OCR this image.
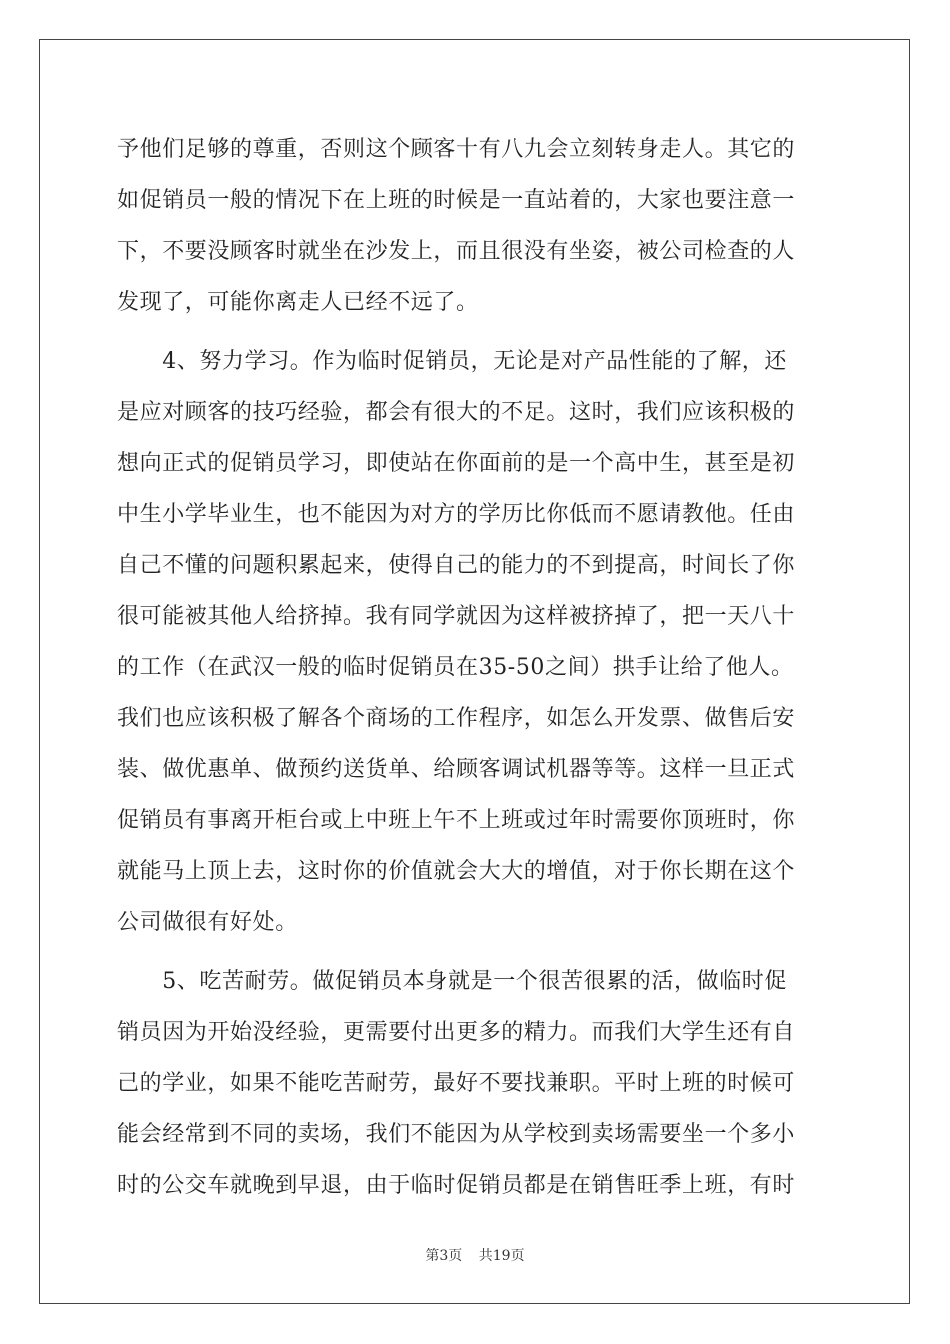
予他们足够的尊重，否则这个顾客十有八九会立刻转身走人。其它的
如促销员一般的情况下在上班的时候是一直站着的，大家也要注意一
下，不要没顾客时就坐在沙发上，而且很没有坐姿，被公司检查的人
发现了，可能你离走人已经不远了。
　　4、努力学习。作为临时促销员，无论是对产品性能的了解，还
是应对顾客的技巧经验，都会有很大的不足。这时，我们应该积极的
想向正式的促销员学习，即使站在你面前的是一个高中生，甚至是初
中生小学毕业生，也不能因为对方的学历比你低而不愿请教他。任由
自己不懂的问题积累起来，使得自己的能力的不到提高，时间长了你
很可能被其他人给挤掉。我有同学就因为这样被挤掉了，把一天八十
的工作（在武汉一般的临时促销员在35-50之间）拱手让给了他人。
我们也应该积极了解各个商场的工作程序，如怎么开发票、做售后安
装、做优惠单、做预约送货单、给顾客调试机器等等。这样一旦正式
促销员有事离开柜台或上中班上午不上班或过年时需要你顶班时，你
就能马上顶上去，这时你的价值就会大大的增值，对于你长期在这个
公司做很有好处。
　　5、吃苦耐劳。做促销员本身就是一个很苦很累的活，做临时促
销员因为开始没经验，更需要付出更多的精力。而我们大学生还有自
己的学业，如果不能吃苦耐劳，最好不要找兼职。平时上班的时候可
能会经常到不同的卖场，我们不能因为从学校到卖场需要坐一个多小
时的公交车就晚到早退，由于临时促销员都是在销售旺季上班，有时
第3页 共19页
